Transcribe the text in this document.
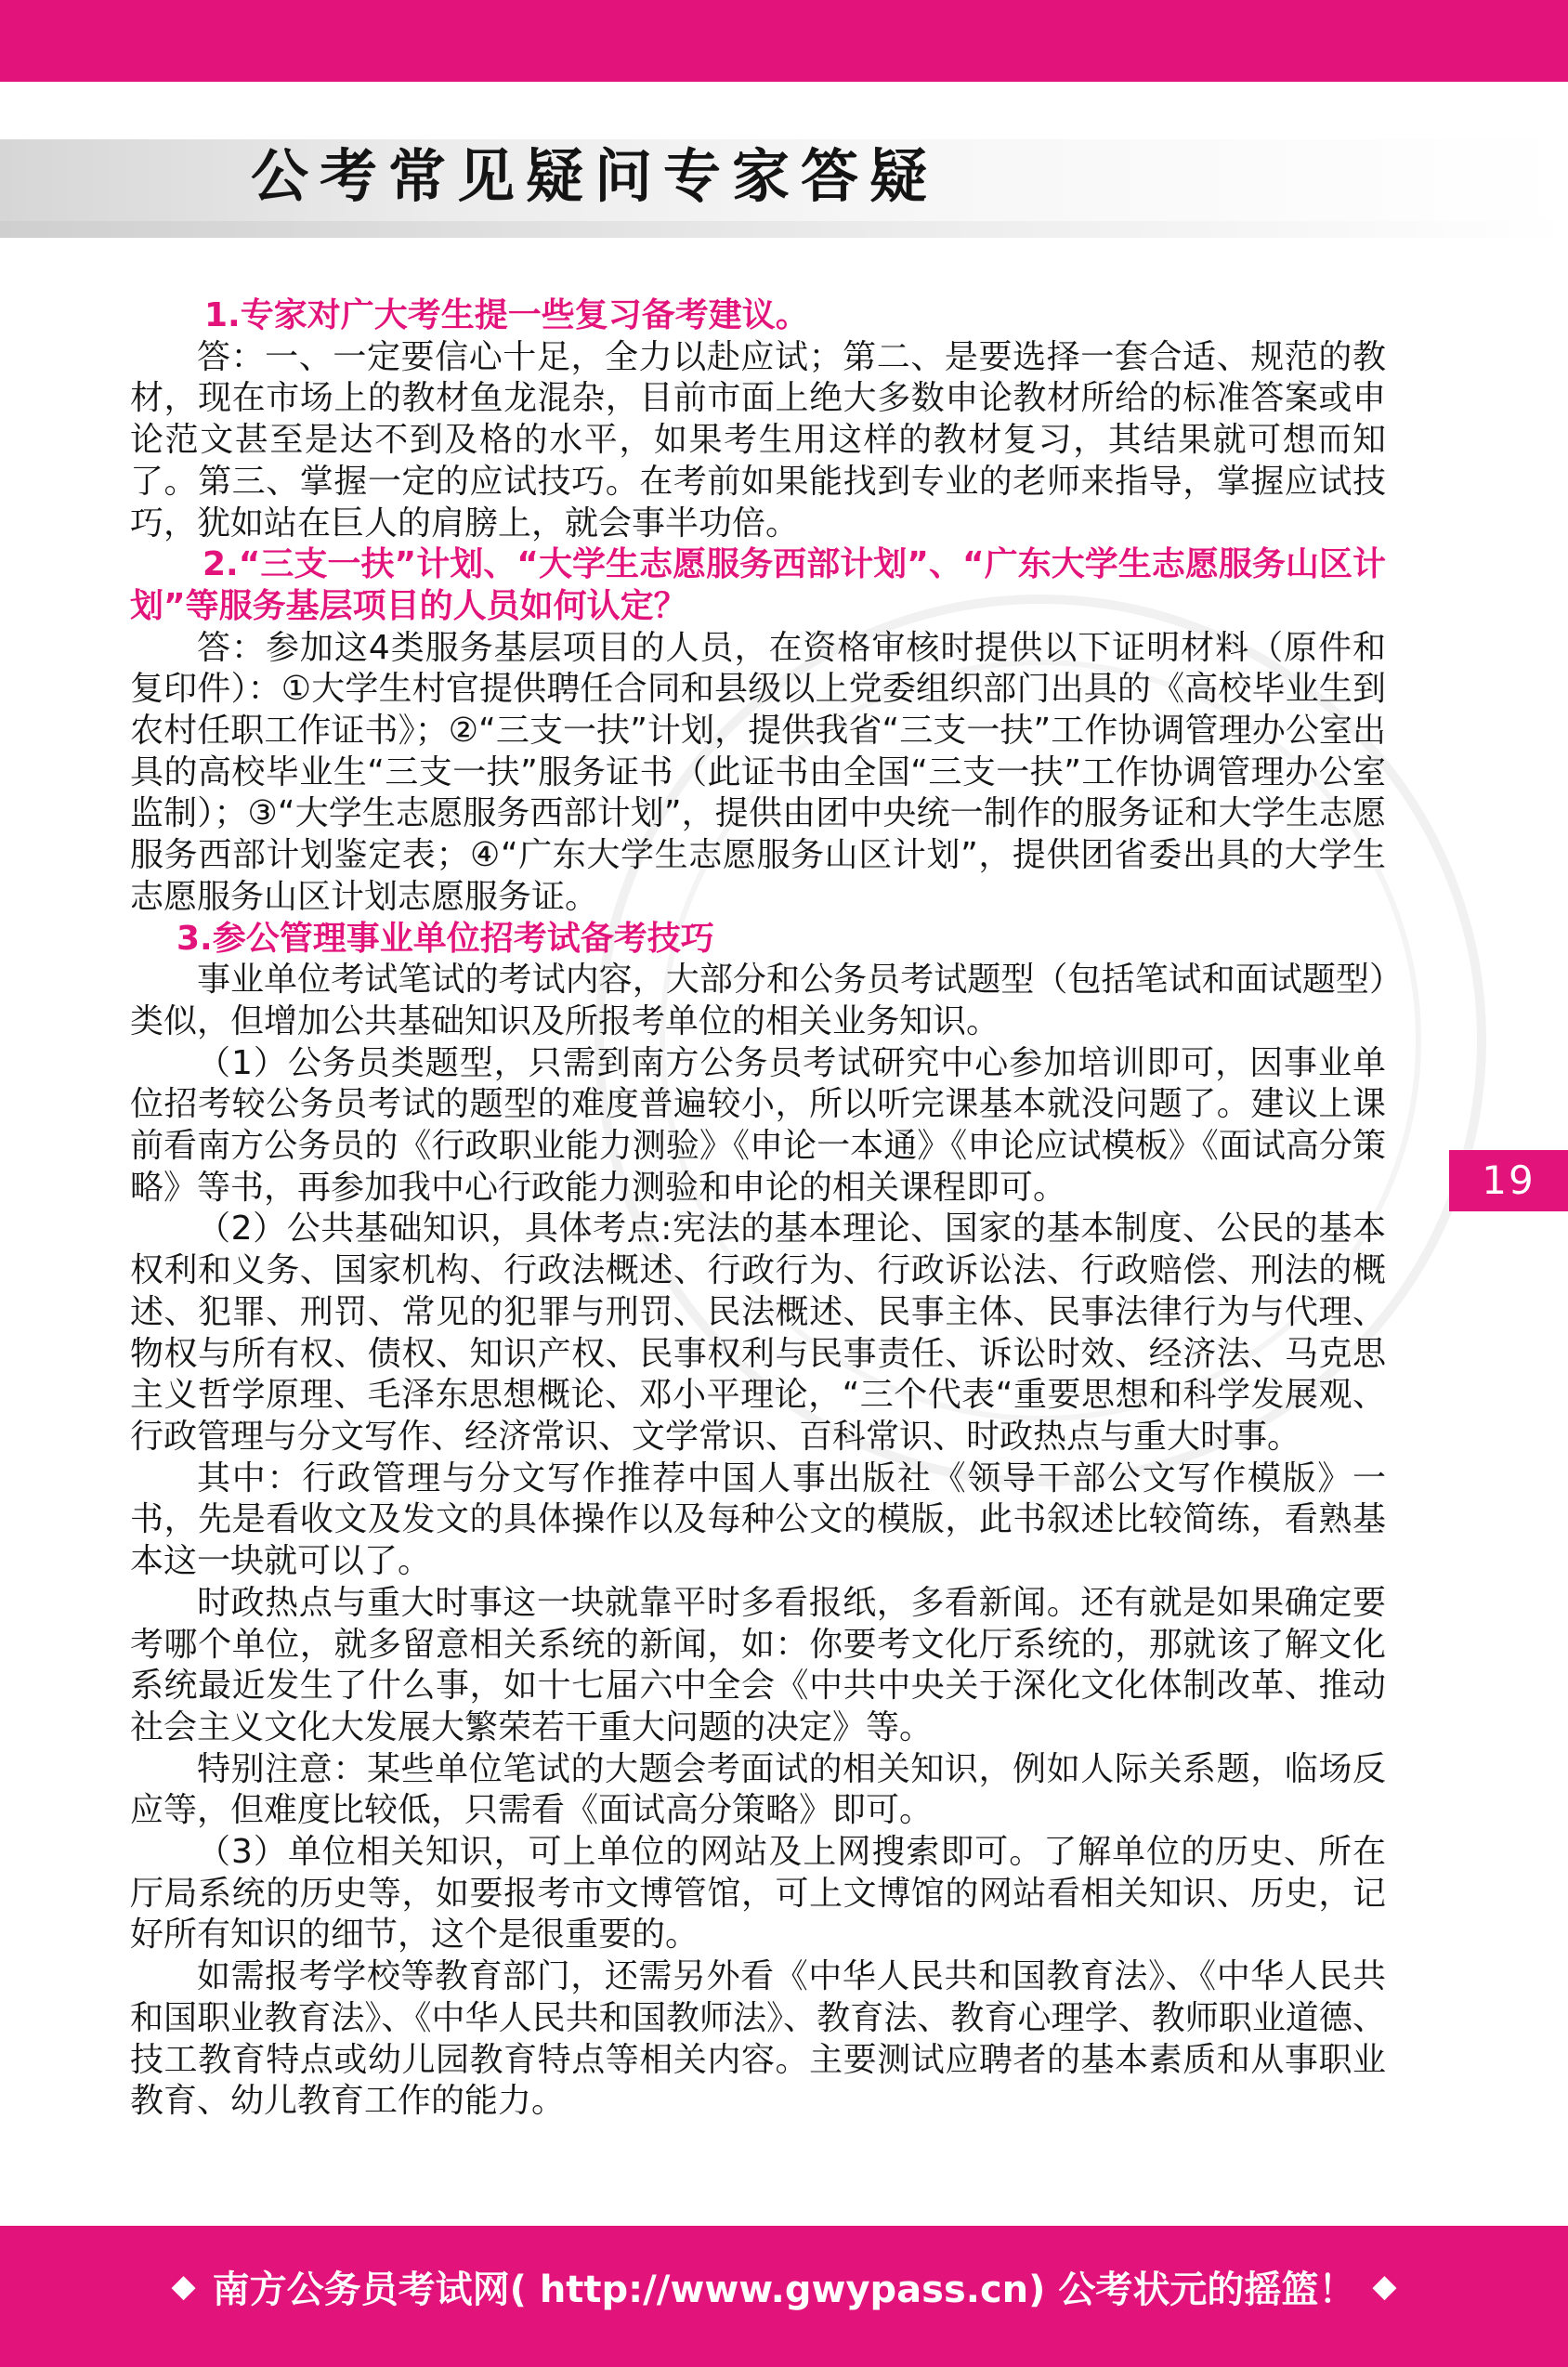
公考常见疑问专家答疑
1.专家对广大考生提一些复习备考建议。

答：一、一定要信心十足，全力以赴应试；第二、是要选择一套合适、规范的教材，现在市场上的教材鱼龙混杂，目前市面上绝大多数申论教材所给的标准答案或申论范文甚至是达不到及格的水平，如果考生用这样的教材复习，其结果就可想而知了。第三、掌握一定的应试技巧。在考前如果能找到专业的老师来指导，掌握应试技巧，犹如站在巨人的肩膀上，就会事半功倍。

2.“三支一扶”计划、“大学生志愿服务西部计划”、“广东大学生志愿服务山区计划”等服务基层项目的人员如何认定？

答：参加这4类服务基层项目的人员，在资格审核时提供以下证明材料（原件和复印件）：①大学生村官提供聘任合同和县级以上党委组织部门出具的《高校毕业生到农村任职工作证书》；②“三支一扶”计划，提供我省“三支一扶”工作协调管理办公室出具的高校毕业生“三支一扶”服务证书（此证书由全国“三支一扶”工作协调管理办公室监制）；③“大学生志愿服务西部计划”，提供由团中央统一制作的服务证和大学生志愿服务西部计划鉴定表；④“广东大学生志愿服务山区计划”，提供团省委出具的大学生志愿服务山区计划志愿服务证。

3.参公管理事业单位招考试备考技巧

事业单位考试笔试的考试内容，大部分和公务员考试题型（包括笔试和面试题型）类似，但增加公共基础知识及所报考单位的相关业务知识。

（1）公务员类题型，只需到南方公务员考试研究中心参加培训即可，因事业单位招考较公务员考试的题型的难度普遍较小，所以听完课基本就没问题了。建议上课前看南方公务员的《行政职业能力测验》《申论一本通》《申论应试模板》《面试高分策略》等书，再参加我中心行政能力测验和申论的相关课程即可。

（2）公共基础知识，具体考点:宪法的基本理论、国家的基本制度、公民的基本权利和义务、国家机构、行政法概述、行政行为、行政诉讼法、行政赔偿、刑法的概述、犯罪、刑罚、常见的犯罪与刑罚、民法概述、民事主体、民事法律行为与代理、物权与所有权、债权、知识产权、民事权利与民事责任、诉讼时效、经济法、马克思主义哲学原理、毛泽东思想概论、邓小平理论，“三个代表“重要思想和科学发展观、行政管理与分文写作、经济常识、文学常识、百科常识、时政热点与重大时事。

其中：行政管理与分文写作推荐中国人事出版社《领导干部公文写作模版》一书，先是看收文及发文的具体操作以及每种公文的模版，此书叙述比较简练，看熟基本这一块就可以了。

时政热点与重大时事这一块就靠平时多看报纸，多看新闻。还有就是如果确定要考哪个单位，就多留意相关系统的新闻，如：你要考文化厅系统的，那就该了解文化系统最近发生了什么事，如十七届六中全会《中共中央关于深化文化体制改革、推动社会主义文化大发展大繁荣若干重大问题的决定》等。

特别注意：某些单位笔试的大题会考面试的相关知识，例如人际关系题，临场反应等，但难度比较低，只需看《面试高分策略》即可。

（3）单位相关知识，可上单位的网站及上网搜索即可。了解单位的历史、所在厅局系统的历史等，如要报考市文博管馆，可上文博馆的网站看相关知识、历史，记好所有知识的细节，这个是很重要的。

如需报考学校等教育部门，还需另外看《中华人民共和国教育法》、《中华人民共和国职业教育法》、《中华人民共和国教师法》、教育法、教育心理学、教师职业道德、技工教育特点或幼儿园教育特点等相关内容。主要测试应聘者的基本素质和从事职业教育、幼儿教育工作的能力。

19
◆ 南方公务员考试网( http://www.gwypass.cn) 公考状元的摇篮！ ◆
